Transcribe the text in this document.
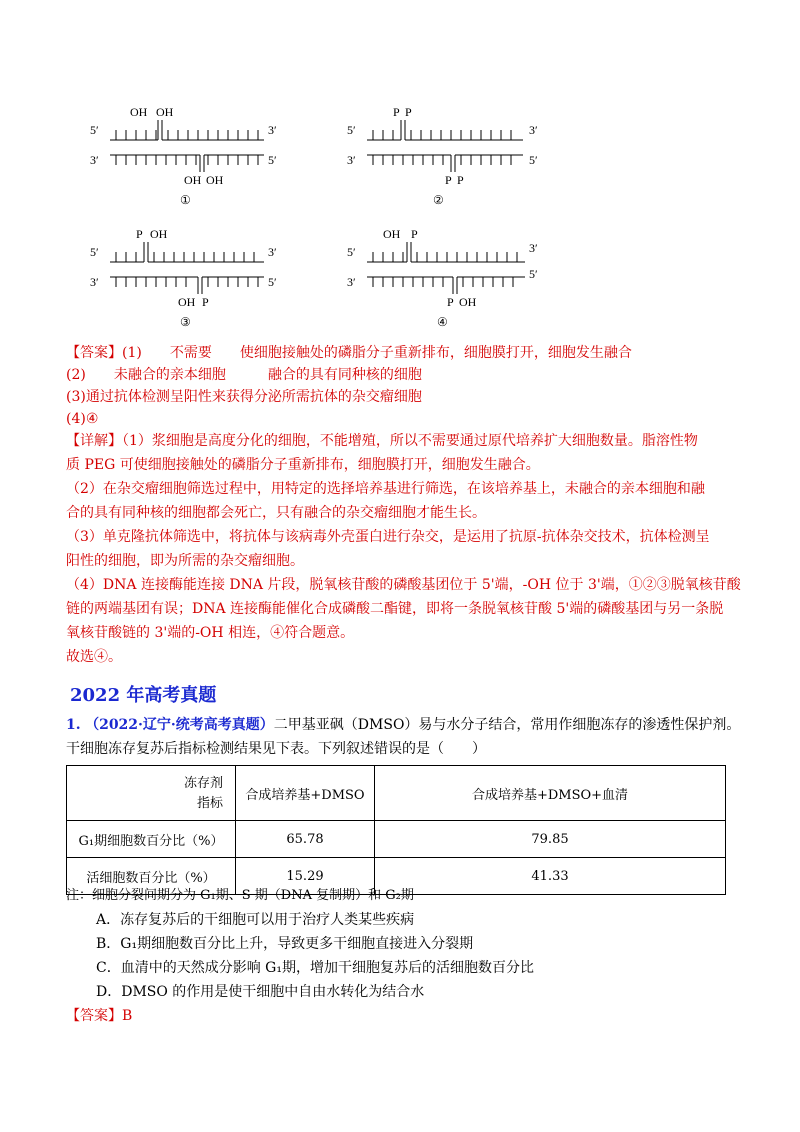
5′	3′
3′	5′
OH OH
OH OH
①
5′	3′
3′	5′
P P
P P
②
5′	3′
3′	5′
P OH
OH P
③
5′	3′
3′
5′
OH P
P OH
④
【答案】(1)　　不需要　　使细胞接触处的磷脂分子重新排布，细胞膜打开，细胞发生融合
(2)　　未融合的亲本细胞　　　融合的具有同种核的细胞
(3)通过抗体检测呈阳性来获得分泌所需抗体的杂交瘤细胞
(4)④
【详解】（1）浆细胞是高度分化的细胞，不能增殖，所以不需要通过原代培养扩大细胞数量。脂溶性物
质 PEG 可使细胞接触处的磷脂分子重新排布，细胞膜打开，细胞发生融合。
（2）在杂交瘤细胞筛选过程中，用特定的选择培养基进行筛选，在该培养基上，未融合的亲本细胞和融
合的具有同种核的细胞都会死亡，只有融合的杂交瘤细胞才能生长。
（3）单克隆抗体筛选中，将抗体与该病毒外壳蛋白进行杂交，是运用了抗原-抗体杂交技术，抗体检测呈
阳性的细胞，即为所需的杂交瘤细胞。
（4）DNA 连接酶能连接 DNA 片段，脱氧核苷酸的磷酸基团位于 5'端，-OH 位于 3'端，①②③脱氧核苷酸
链的两端基团有误；DNA 连接酶能催化合成磷酸二酯键，即将一条脱氧核苷酸 5'端的磷酸基团与另一条脱
氧核苷酸链的 3'端的-OH 相连，④符合题意。
故选④。
2022 年高考真题
1. （2022·辽宁·统考高考真题）二甲基亚砜（DMSO）易与水分子结合，常用作细胞冻存的渗透性保护剂。
干细胞冻存复苏后指标检测结果见下表。下列叙述错误的是（　　）
冻存剂
指标	合成培养基+DMSO	合成培养基+DMSO+血清
G₁期细胞数百分比（%）	65.78	79.85
活细胞数百分比（%）	15.29	41.33
注：细胞分裂间期分为 G₁期、S 期（DNA 复制期）和 G₂期
A．冻存复苏后的干细胞可以用于治疗人类某些疾病
B．G₁期细胞数百分比上升，导致更多干细胞直接进入分裂期
C．血清中的天然成分影响 G₁期，增加干细胞复苏后的活细胞数百分比
D．DMSO 的作用是使干细胞中自由水转化为结合水
【答案】B
